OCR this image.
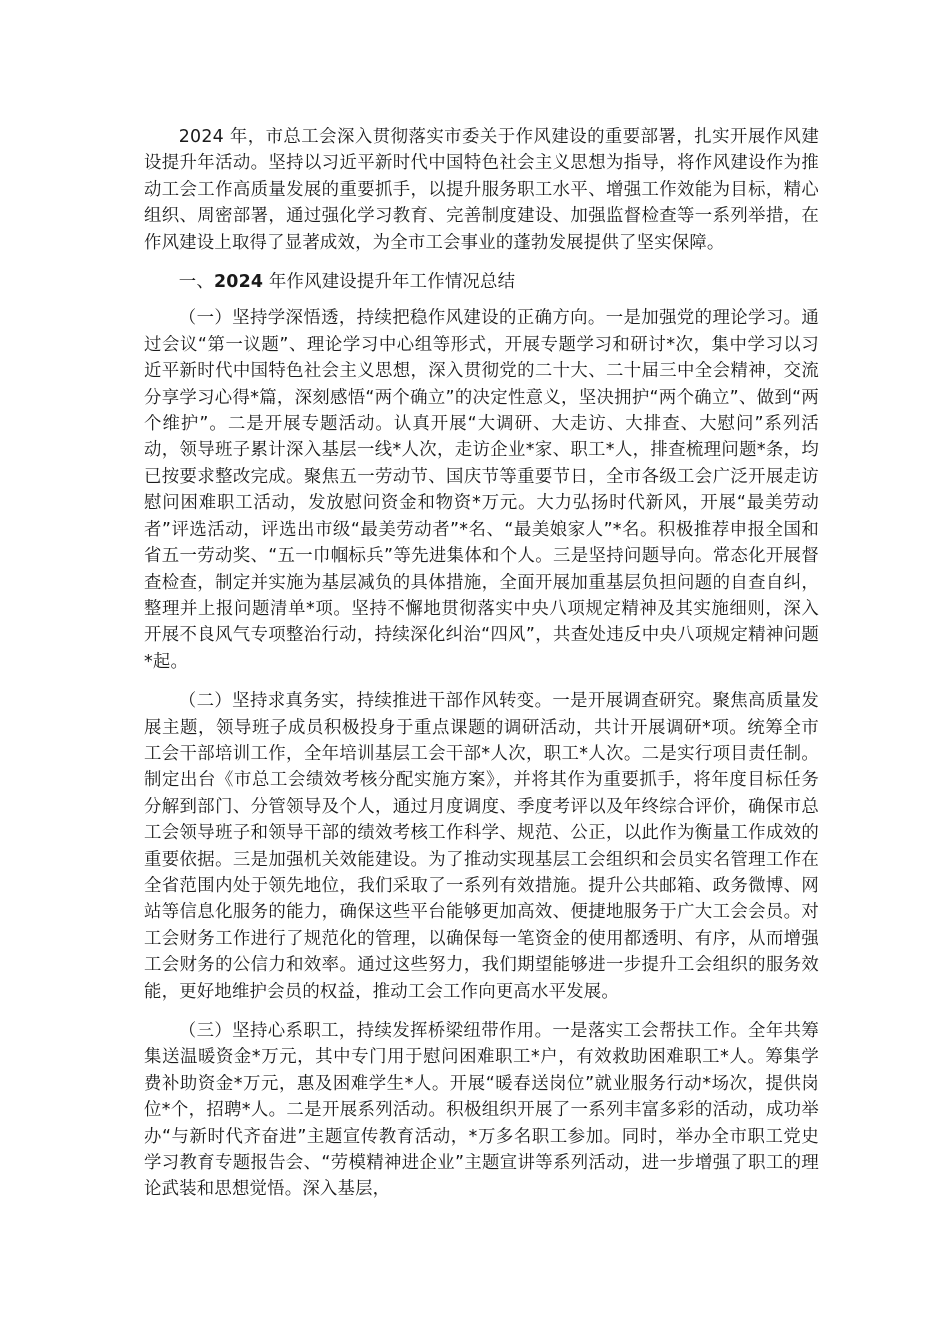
2024 年，市总工会深入贯彻落实市委关于作风建设的重要部署，扎实开展作风建设提升年活动。坚持以习近平新时代中国特色社会主义思想为指导，将作风建设作为推动工会工作高质量发展的重要抓手，以提升服务职工水平、增强工作效能为目标，精心组织、周密部署，通过强化学习教育、完善制度建设、加强监督检查等一系列举措，在作风建设上取得了显著成效，为全市工会事业的蓬勃发展提供了坚实保障。

一、2024 年作风建设提升年工作情况总结

（一）坚持学深悟透，持续把稳作风建设的正确方向。一是加强党的理论学习。通过会议“第一议题”、理论学习中心组等形式，开展专题学习和研讨*次，集中学习以习近平新时代中国特色社会主义思想，深入贯彻党的二十大、二十届三中全会精神，交流分享学习心得*篇，深刻感悟“两个确立”的决定性意义，坚决拥护“两个确立”、做到“两个维护”。二是开展专题活动。认真开展“大调研、大走访、大排查、大慰问”系列活动，领导班子累计深入基层一线*人次，走访企业*家、职工*人，排查梳理问题*条，均已按要求整改完成。聚焦五一劳动节、国庆节等重要节日，全市各级工会广泛开展走访慰问困难职工活动，发放慰问资金和物资*万元。大力弘扬时代新风，开展“最美劳动者”评选活动，评选出市级“最美劳动者”*名、“最美娘家人”*名。积极推荐申报全国和省五一劳动奖、“五一巾帼标兵”等先进集体和个人。三是坚持问题导向。常态化开展督查检查，制定并实施为基层减负的具体措施，全面开展加重基层负担问题的自查自纠，整理并上报问题清单*项。坚持不懈地贯彻落实中央八项规定精神及其实施细则，深入开展不良风气专项整治行动，持续深化纠治“四风”，共查处违反中央八项规定精神问题*起。

（二）坚持求真务实，持续推进干部作风转变。一是开展调查研究。聚焦高质量发展主题，领导班子成员积极投身于重点课题的调研活动，共计开展调研*项。统筹全市工会干部培训工作，全年培训基层工会干部*人次，职工*人次。二是实行项目责任制。制定出台《市总工会绩效考核分配实施方案》，并将其作为重要抓手，将年度目标任务分解到部门、分管领导及个人，通过月度调度、季度考评以及年终综合评价，确保市总工会领导班子和领导干部的绩效考核工作科学、规范、公正，以此作为衡量工作成效的重要依据。三是加强机关效能建设。为了推动实现基层工会组织和会员实名管理工作在全省范围内处于领先地位，我们采取了一系列有效措施。提升公共邮箱、政务微博、网站等信息化服务的能力，确保这些平台能够更加高效、便捷地服务于广大工会会员。对工会财务工作进行了规范化的管理，以确保每一笔资金的使用都透明、有序，从而增强工会财务的公信力和效率。通过这些努力，我们期望能够进一步提升工会组织的服务效能，更好地维护会员的权益，推动工会工作向更高水平发展。

（三）坚持心系职工，持续发挥桥梁纽带作用。一是落实工会帮扶工作。全年共筹集送温暖资金*万元，其中专门用于慰问困难职工*户，有效救助困难职工*人。筹集学费补助资金*万元，惠及困难学生*人。开展“暖春送岗位”就业服务行动*场次，提供岗位*个，招聘*人。二是开展系列活动。积极组织开展了一系列丰富多彩的活动，成功举办“与新时代齐奋进”主题宣传教育活动，*万多名职工参加。同时，举办全市职工党史学习教育专题报告会、“劳模精神进企业”主题宣讲等系列活动，进一步增强了职工的理论武装和思想觉悟。深入基层，
